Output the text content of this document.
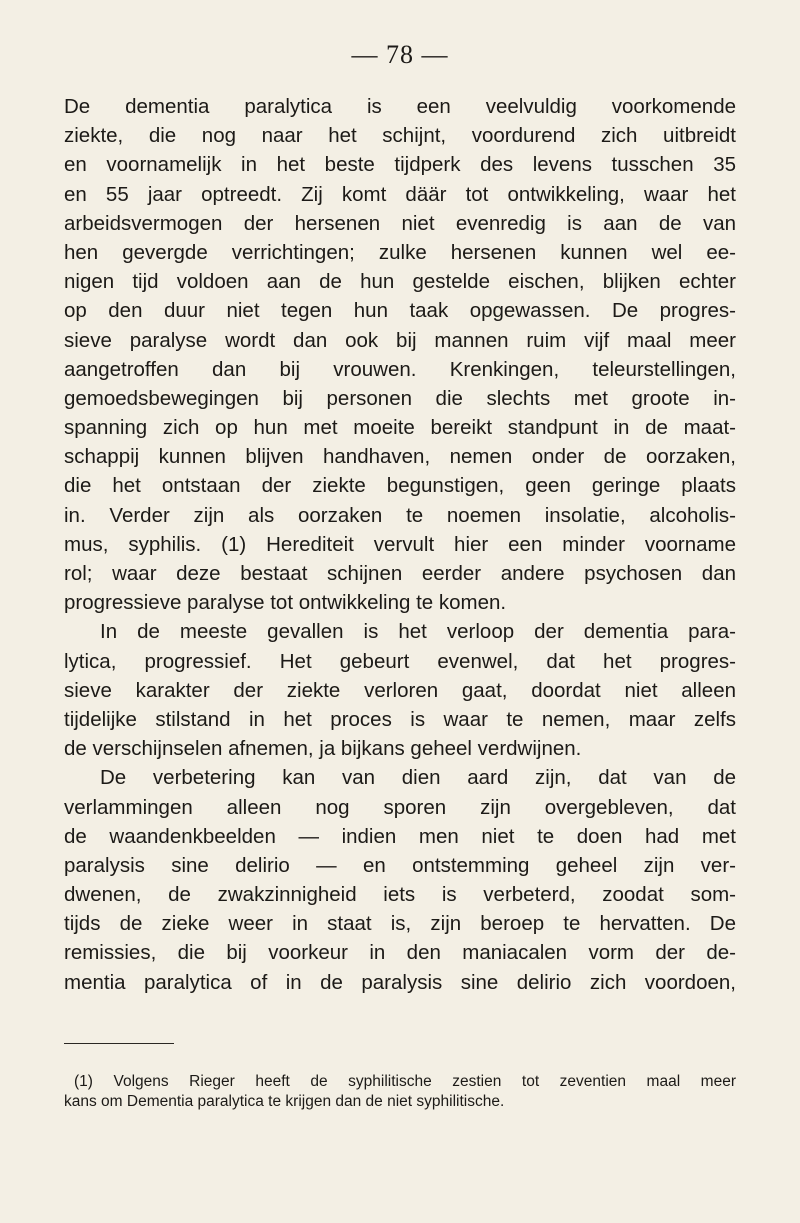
— 78 —
De dementia paralytica is een veelvuldig voorkomende
ziekte, die nog naar het schijnt, voordurend zich uitbreidt
en voornamelijk in het beste tijdperk des levens tusschen 35
en 55 jaar optreedt. Zij komt däär tot ontwikkeling, waar het
arbeidsvermogen der hersenen niet evenredig is aan de van
hen gevergde verrichtingen; zulke hersenen kunnen wel ee-
nigen tijd voldoen aan de hun gestelde eischen, blijken echter
op den duur niet tegen hun taak opgewassen. De progres-
sieve paralyse wordt dan ook bij mannen ruim vijf maal meer
aangetroffen dan bij vrouwen. Krenkingen, teleurstellingen,
gemoedsbewegingen bij personen die slechts met groote in-
spanning zich op hun met moeite bereikt standpunt in de maat-
schappij kunnen blijven handhaven, nemen onder de oorzaken,
die het ontstaan der ziekte begunstigen, geen geringe plaats
in. Verder zijn als oorzaken te noemen insolatie, alcoholis-
mus, syphilis. (1) Herediteit vervult hier een minder voorname
rol; waar deze bestaat schijnen eerder andere psychosen dan
progressieve paralyse tot ontwikkeling te komen.
In de meeste gevallen is het verloop der dementia para-
lytica, progressief. Het gebeurt evenwel, dat het progres-
sieve karakter der ziekte verloren gaat, doordat niet alleen
tijdelijke stilstand in het proces is waar te nemen, maar zelfs
de verschijnselen afnemen, ja bijkans geheel verdwijnen.
De verbetering kan van dien aard zijn, dat van de
verlammingen alleen nog sporen zijn overgebleven, dat
de waandenkbeelden — indien men niet te doen had met
paralysis sine delirio — en ontstemming geheel zijn ver-
dwenen, de zwakzinnigheid iets is verbeterd, zoodat som-
tijds de zieke weer in staat is, zijn beroep te hervatten. De
remissies, die bij voorkeur in den maniacalen vorm der de-
mentia paralytica of in de paralysis sine delirio zich voordoen,
(1) Volgens Rieger heeft de syphilitische zestien tot zeventien maal meer
kans om Dementia paralytica te krijgen dan de niet syphilitische.
